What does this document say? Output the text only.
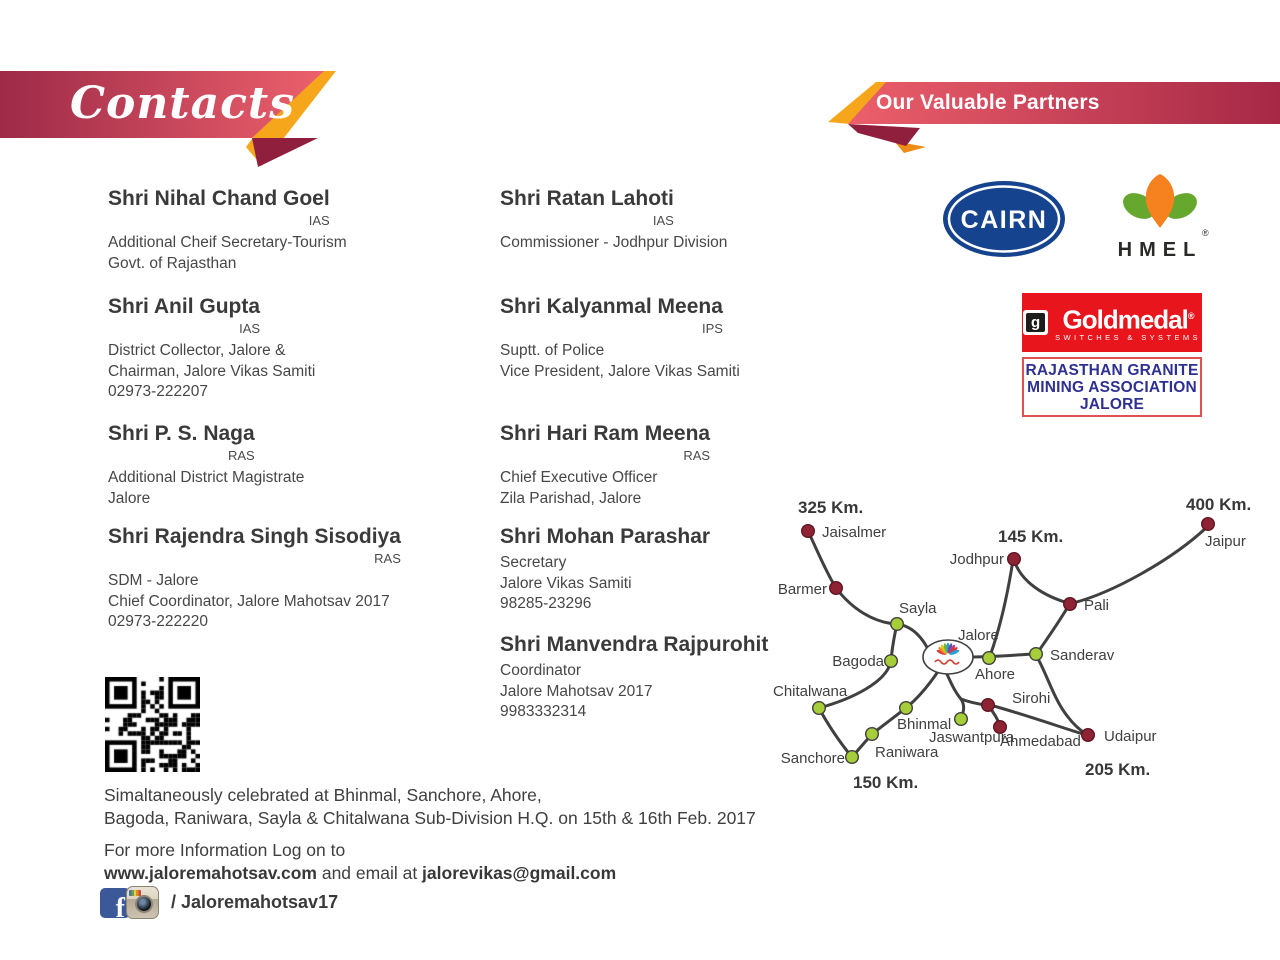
Contacts	Our Valuable Partners
Shri Nihal Chand Goel
IAS
Additional Cheif Secretary-Tourism
Govt. of Rajasthan
Shri Ratan Lahoti
IAS
Commissioner - Jodhpur Division
Shri Anil Gupta
IAS
District Collector, Jalore &
Chairman, Jalore Vikas Samiti
02973-222207
Shri Kalyanmal Meena
IPS
Suptt. of Police
Vice President, Jalore Vikas Samiti
Shri P. S. Naga
RAS
Additional District Magistrate
Jalore
Shri Hari Ram Meena
RAS
Chief Executive Officer
Zila Parishad, Jalore
Shri Rajendra Singh Sisodiya
RAS
SDM - Jalore
Chief Coordinator, Jalore Mahotsav 2017
02973-222220
Shri Mohan Parashar
Secretary
Jalore Vikas Samiti
98285-23296
Shri Manvendra Rajpurohit
Coordinator
Jalore Mahotsav 2017
9983332314
CAIRN
HMEL
®
g Goldmedal®
SWITCHES & SYSTEMS
RAJASTHAN GRANITE
MINING ASSOCIATION
JALORE
Jalore
Jaisalmer
Barmer
Jodhpur
Jaipur
Pali
Sayla
Bagoda
Ahore
Sanderav
Chitalwana
Bhinmal
Jaswantpura
Raniwara
Sanchore
Sirohi
Ahmedabad Udaipur
325 Km.
145 Km.
400 Km.
150 Km.
205 Km.
Simaltaneously celebrated at Bhinmal, Sanchore, Ahore,
Bagoda, Raniwara, Sayla & Chitalwana Sub-Division H.Q. on 15th & 16th Feb. 2017
For more Information Log on to
www.jaloremahotsav.com and email at jalorevikas@gmail.com
f	/ Jaloremahotsav17
